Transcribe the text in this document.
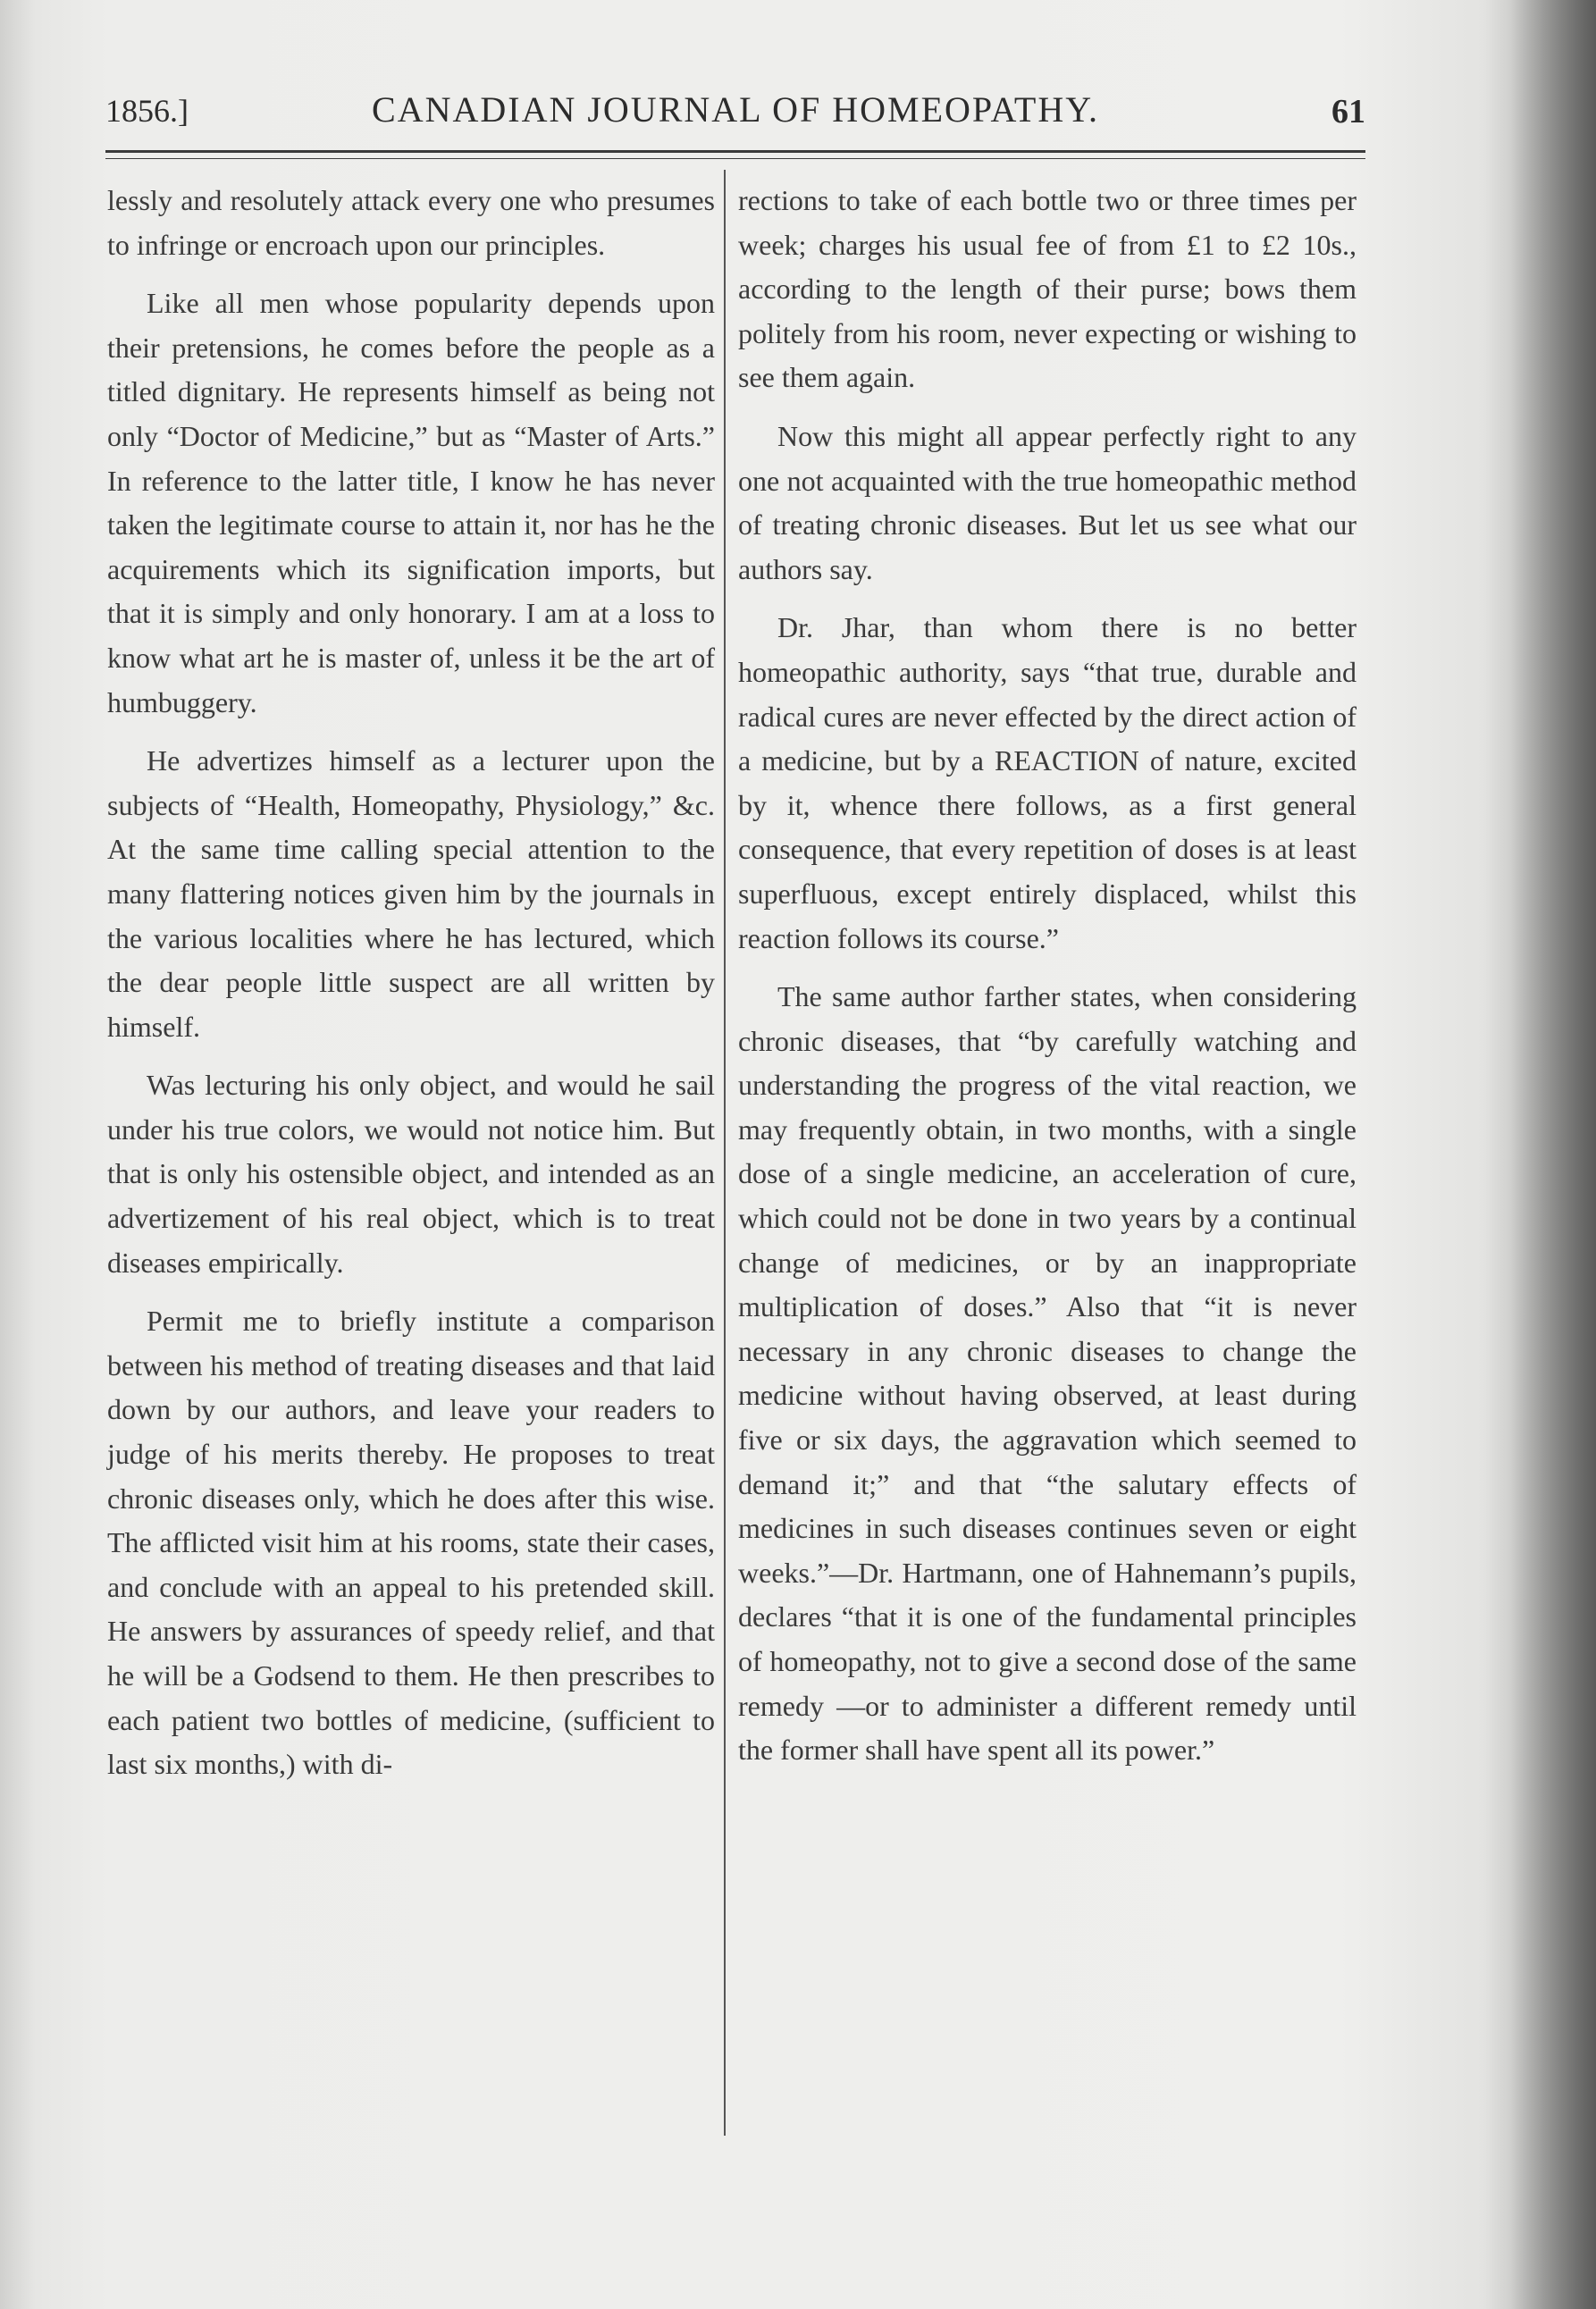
1856.]	CANADIAN JOURNAL OF HOMEOPATHY.	61

lessly and resolutely attack every one who presumes to infringe or encroach upon our principles.

Like all men whose popularity depends upon their pretensions, he comes before the people as a titled dignitary. He represents himself as being not only “Doctor of Medicine,” but as “Master of Arts.” In reference to the latter title, I know he has never taken the legitimate course to attain it, nor has he the acquirements which its signification imports, but that it is simply and only honorary. I am at a loss to know what art he is master of, unless it be the art of humbuggery.

He advertizes himself as a lecturer upon the subjects of “Health, Homeopathy, Physiology,” &c. At the same time calling special attention to the many flattering notices given him by the journals in the various localities where he has lectured, which the dear people little suspect are all written by himself.

Was lecturing his only object, and would he sail under his true colors, we would not notice him. But that is only his ostensible object, and intended as an advertizement of his real object, which is to treat diseases empirically.

Permit me to briefly institute a comparison between his method of treating diseases and that laid down by our authors, and leave your readers to judge of his merits thereby. He proposes to treat chronic diseases only, which he does after this wise. The afflicted visit him at his rooms, state their cases, and conclude with an appeal to his pretended skill. He answers by assurances of speedy relief, and that he will be a Godsend to them. He then prescribes to each patient two bottles of medicine, (sufficient to last six months,) with di-

rections to take of each bottle two or three times per week; charges his usual fee of from £1 to £2 10s., according to the length of their purse; bows them politely from his room, never expecting or wishing to see them again.

Now this might all appear perfectly right to any one not acquainted with the true homeopathic method of treating chronic diseases. But let us see what our authors say.

Dr. Jhar, than whom there is no better homeopathic authority, says “that true, durable and radical cures are never effected by the direct action of a medicine, but by a REACTION of nature, excited by it, whence there follows, as a first general consequence, that every repetition of doses is at least superfluous, except entirely displaced, whilst this reaction follows its course.”

The same author farther states, when considering chronic diseases, that “by carefully watching and understanding the progress of the vital reaction, we may frequently obtain, in two months, with a single dose of a single medicine, an acceleration of cure, which could not be done in two years by a continual change of medicines, or by an inappropriate multiplication of doses.” Also that “it is never necessary in any chronic diseases to change the medicine without having observed, at least during five or six days, the aggravation which seemed to demand it;” and that “the salutary effects of medicines in such diseases continues seven or eight weeks.”—Dr. Hartmann, one of Hahnemann’s pupils, declares “that it is one of the fundamental principles of homeopathy, not to give a second dose of the same remedy —or to administer a different remedy until the former shall have spent all its power.”
